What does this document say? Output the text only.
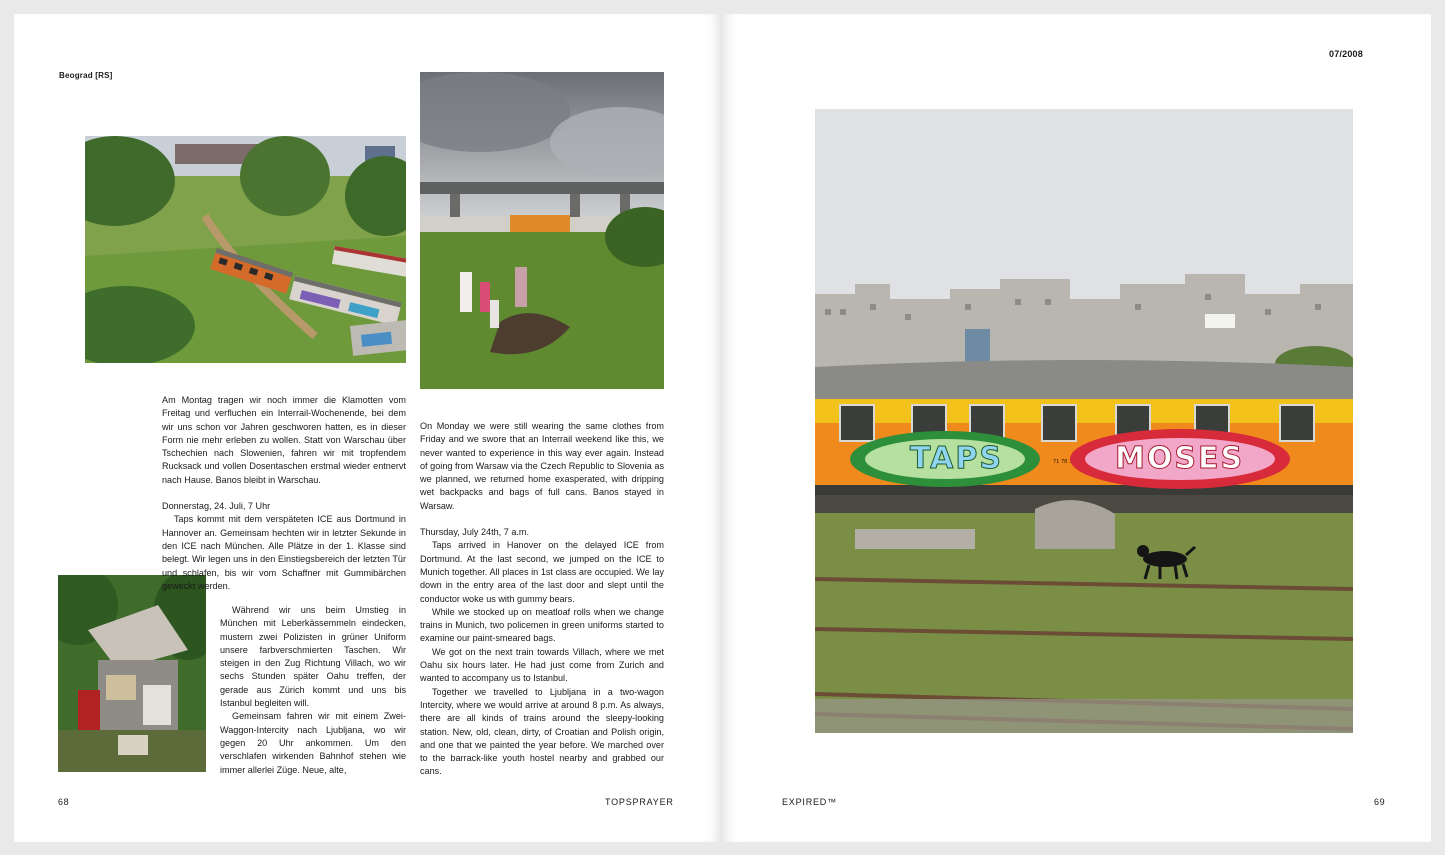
Beograd [RS]

Am Montag tragen wir noch immer die Klamotten vom Freitag und verfluchen ein Interrail-Wochenende, bei dem wir uns schon vor Jahren geschworen hatten, es in dieser Form nie mehr erleben zu wollen. Statt von Warschau über Tschechien nach Slowenien, fahren wir mit tropfendem Rucksack und vollen Dosentaschen erstmal wieder entnervt nach Hause. Banos bleibt in Warschau.

Donnerstag, 24. Juli, 7 Uhr

Taps kommt mit dem verspäteten ICE aus Dortmund in Hannover an. Gemeinsam hechten wir in letzter Sekunde in den ICE nach München. Alle Plätze in der 1. Klasse sind belegt. Wir legen uns in den Einstiegsbereich der letzten Tür und schlafen, bis wir vom Schaffner mit Gummibärchen geweckt werden.

Während wir uns beim Umstieg in München mit Leberkässemmeln eindecken, mustern zwei Polizisten in grüner Uniform unsere farbverschmierten Taschen. Wir steigen in den Zug Richtung Villach, wo wir sechs Stunden später Oahu treffen, der gerade aus Zürich kommt und uns bis Istanbul begleiten will.

Gemeinsam fahren wir mit einem Zwei-Waggon-Intercity nach Ljubljana, wo wir gegen 20 Uhr ankommen. Um den verschlafen wirkenden Bahnhof stehen wie immer allerlei Züge. Neue, alte,

On Monday we were still wearing the same clothes from Friday and we swore that an Interrail weekend like this, we never wanted to experience in this way ever again. Instead of going from Warsaw via the Czech Republic to Slovenia as we planned, we returned home exasperated, with dripping wet backpacks and bags of full cans. Banos stayed in Warsaw.

Thursday, July 24th, 7 a.m.

Taps arrived in Hanover on the delayed ICE from Dortmund. At the last second, we jumped on the ICE to Munich together. All places in 1st class are occupied. We lay down in the entry area of the last door and slept until the conductor woke us with gummy bears.

While we stocked up on meatloaf rolls when we change trains in Munich, two policemen in green uniforms started to examine our paint-smeared bags.

We got on the next train towards Villach, where we met Oahu six hours later. He had just come from Zurich and wanted to accompany us to Istanbul.

Together we travelled to Ljubljana in a two-wagon Intercity, where we would arrive at around 8 p.m. As always, there are all kinds of trains around the sleepy-looking station. New, old, clean, dirty, of Croatian and Polish origin, and one that we painted the year before. We marched over to the barrack-like youth hostel nearby and grabbed our cans.

68	TOPSPRAYER
07/2008
TAPS	MOSES
71 78 ...
EXPIRED™	69
